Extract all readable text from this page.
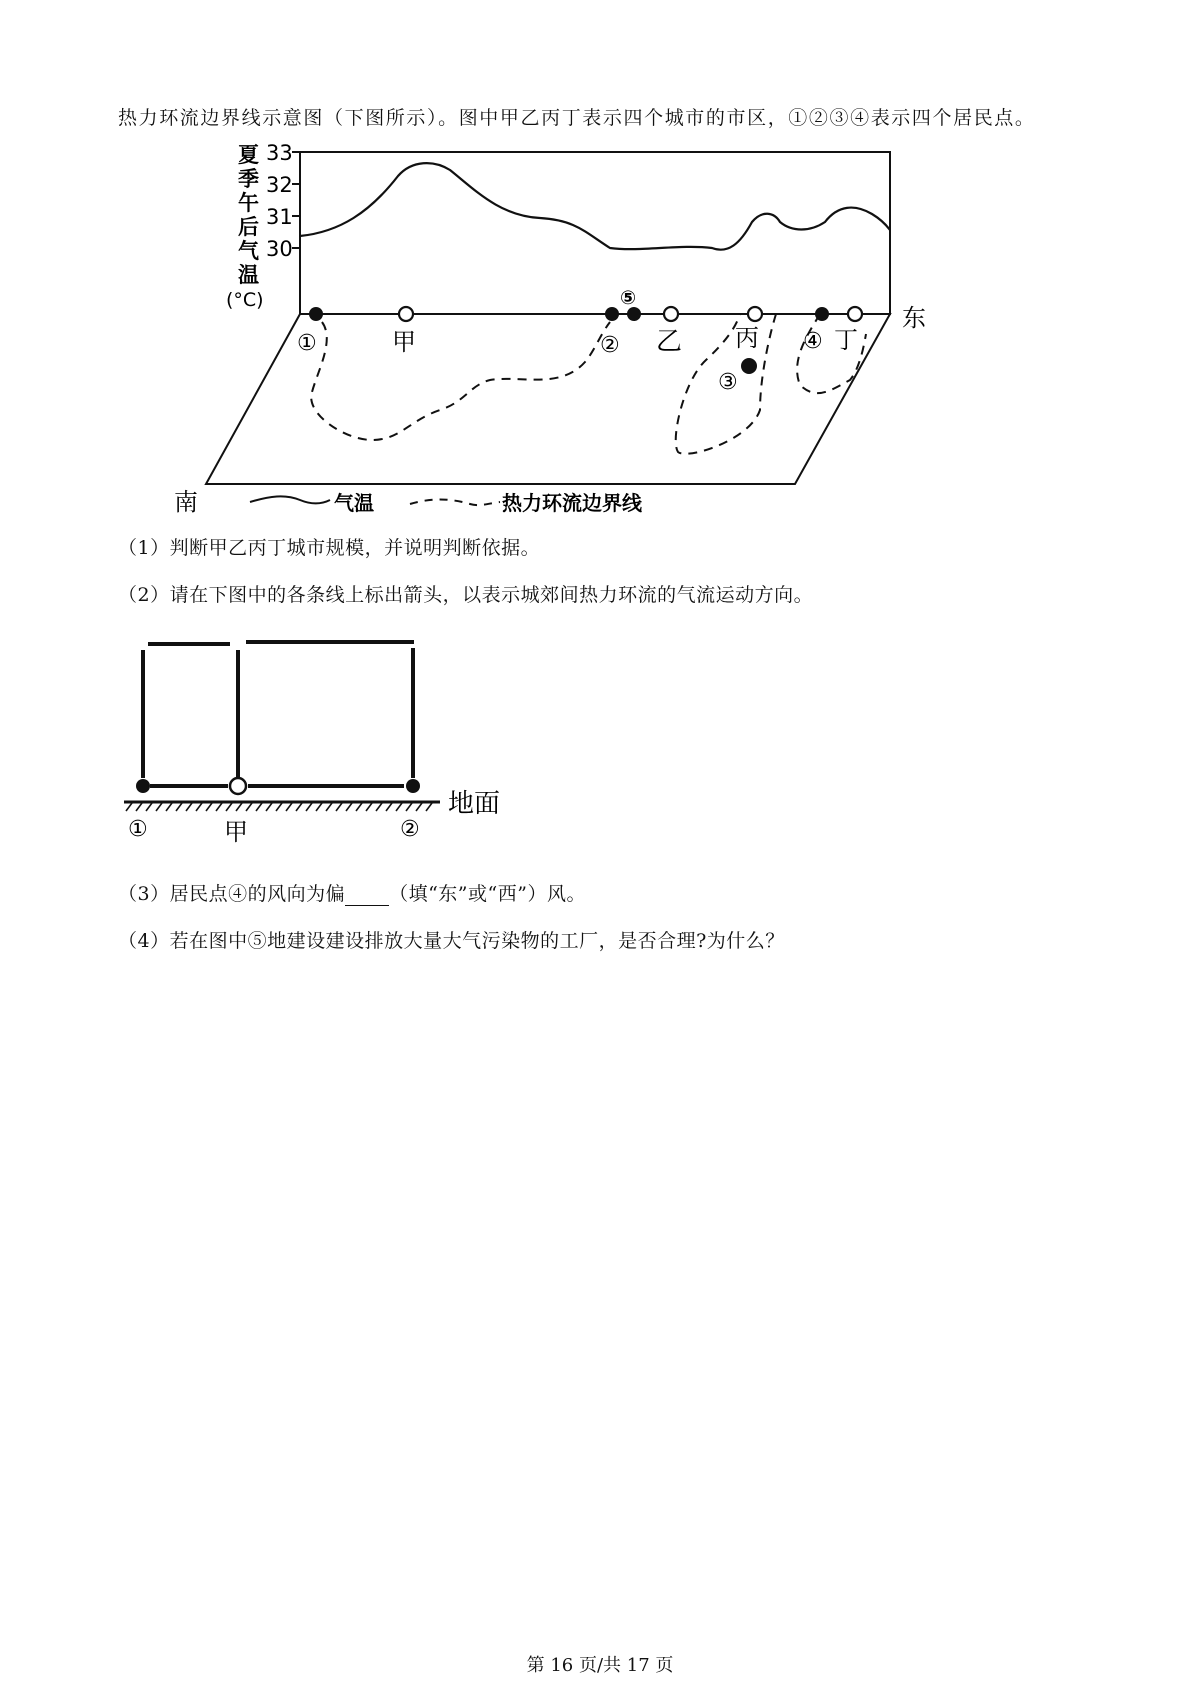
热力环流边界线示意图（下图所示）。图中甲乙丙丁表示四个城市的市区，①②③④表示四个居民点。
33
32
31
30
夏
季
午
后
气
温
(°C)
①	甲
⑤
② 乙 丙
③
④ 丁
东
南	气温	热力环流边界线
（1）判断甲乙丙丁城市规模，并说明判断依据。
（2）请在下图中的各条线上标出箭头，以表示城郊间热力环流的气流运动方向。
地面
①	甲	②
（3）居民点④的风向为偏 （填“东”或“西”）风。
（4）若在图中⑤地建设建设排放大量大气污染物的工厂，是否合理?为什么？
第 16 页/共 17 页
